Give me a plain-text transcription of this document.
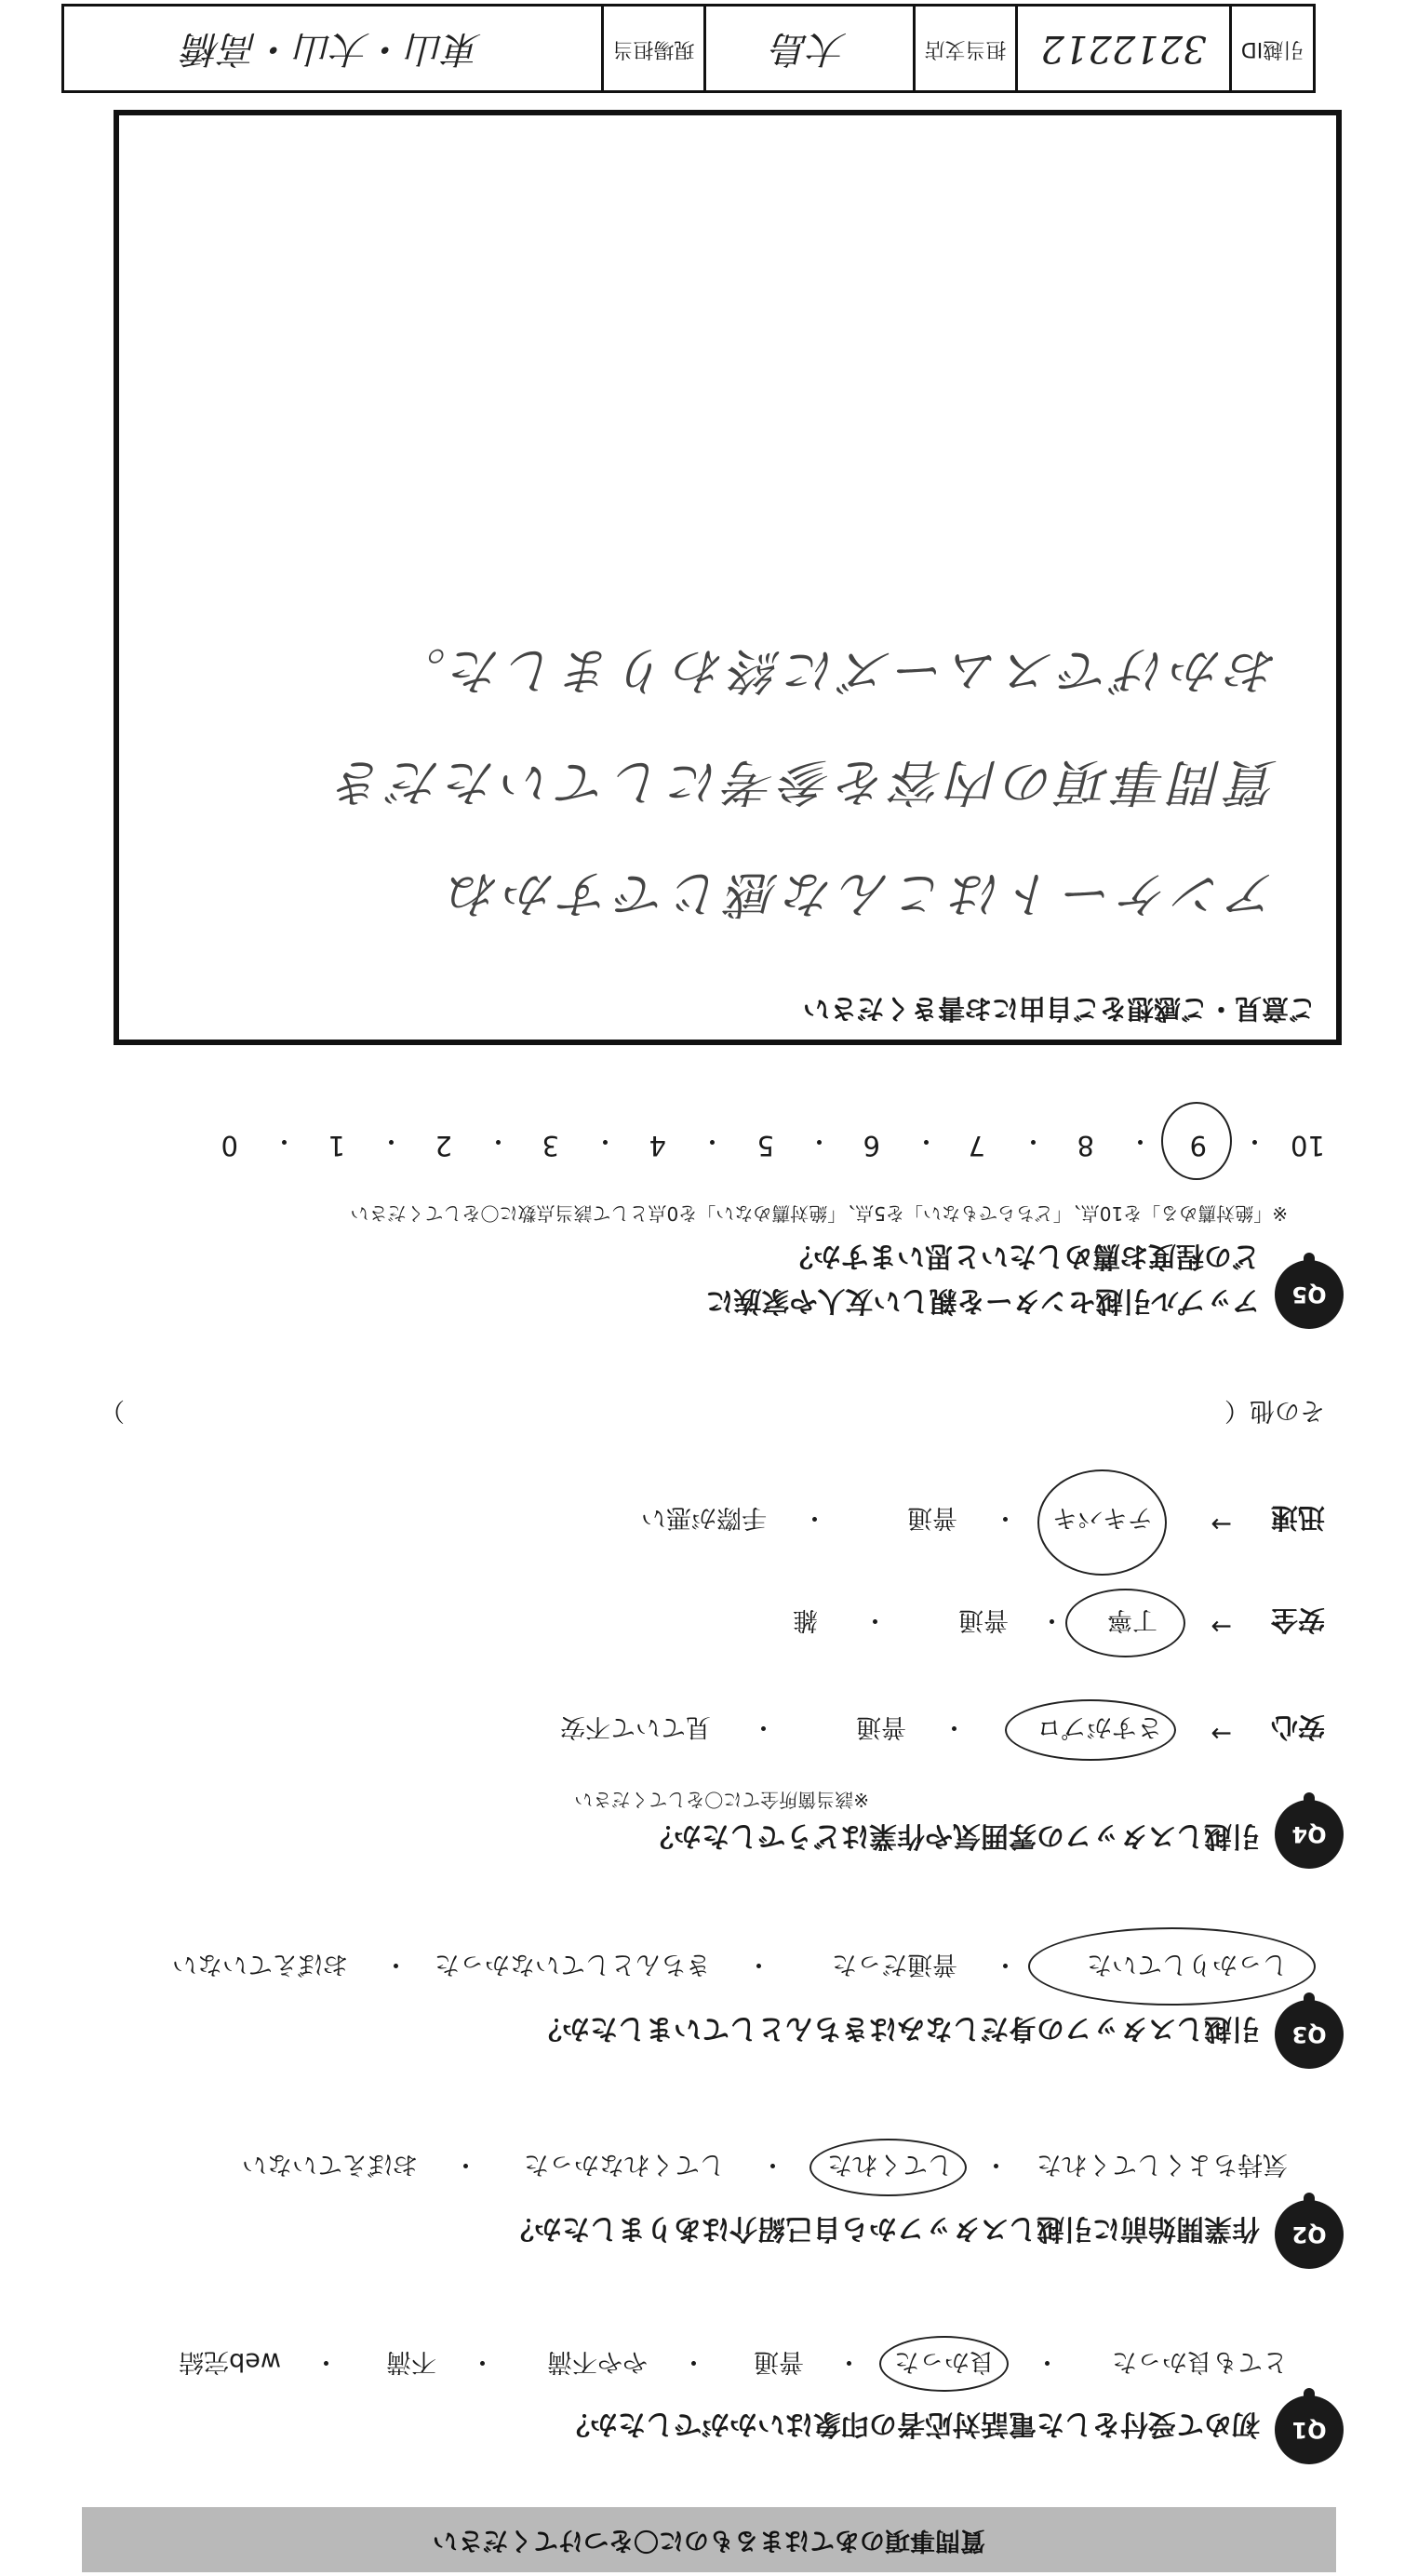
質問事項のあてはまるものに〇をつけてください
Q1
初めて受付をした電話対応者の印象はいかがでしたか？
とても良かった
・
良かった
・
普通
・
やや不満
・
不満
・
web完結
Q2
作業開始前に引越しスタッフから自己紹介はありましたか？
気持ちよくしてくれた
・
してくれた
・
してくれなかった
・
おぼえていない
Q3
引越しスタッフの身だしなみはきちんとしていましたか？
しっかりしていた
・
普通だった
・
きちんとしていなかった
・
おぼえていない
Q4
引越しスタッフの雰囲気や作業はどうでしたか？
※該当箇所全てに〇をしてください
安心
→
さすがプロ
・
普通
・
見ていて不安
安全
→
丁寧
・
普通
・
雑
迅速
→
テキパキ
・
普通
・
手際が悪い
その他（
）
Q5
アップル引越センターを親しい友人や家族に
どの程度お薦めしたいと思いますか？
※「絶対薦める」を10点、「どちらでもない」を5点、「絶対薦めない」を0点として該当点数に〇をしてください
10
・
9
・
8
・
7
・
6
・
5
・
4
・
3
・
2
・
1
・
0
ご意見・ご感想をご自由にお書きください
アンケートはこんな感じですかね
質問事項の内容を参考にしていただき
おかげでスムーズに終わりました。
引越ID
3212212
担当支店
大島
現場担当
東山・大山・高橋
